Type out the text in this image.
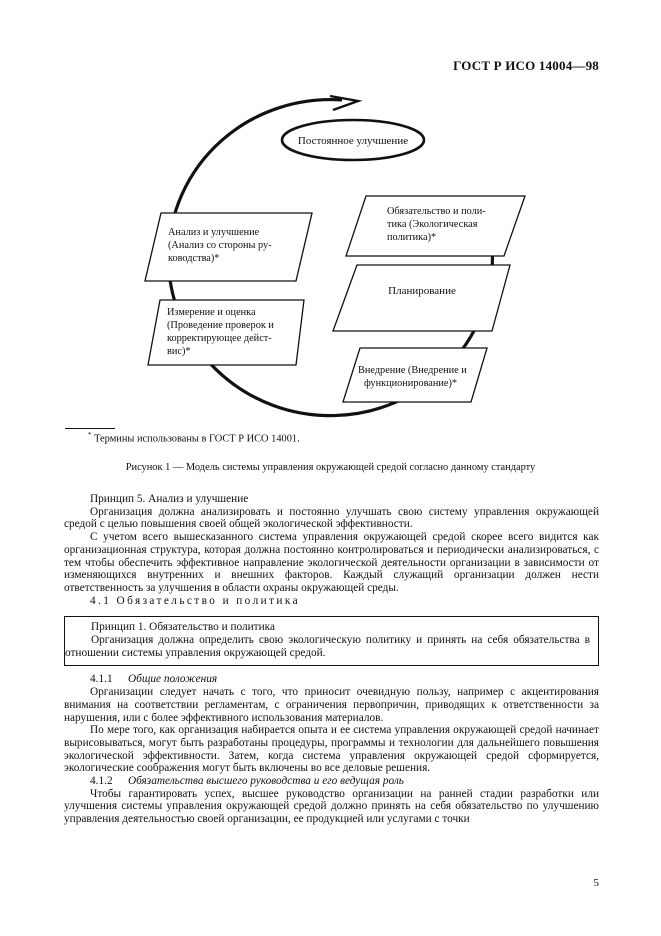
ГОСТ Р ИСО 14004—98
Постоянное улучшение
Анализ и улучшение
(Анализ со стороны ру-
ководства)*
Измерение и оценка
(Проведение проверок и
корректирующее дейст-
вис)*
Обязательство и поли-
тика (Экологическая
политика)*
Планирование
Внедрение (Внедрение и
функционирование)*
* Термины использованы в ГОСТ Р ИСО 14001.
Рисунок 1 — Модель системы управления окружающей средой согласно данному стандарту

Принцип 5. Анализ и улучшение

Организация должна анализировать и постоянно улучшать свою систему управления окружающей средой с целью повышения своей общей экологической эффективности.

С учетом всего вышесказанного система управления окружающей средой скорее всего видится как организационная структура, которая должна постоянно контролироваться и периодически анализироваться, с тем чтобы обеспечить эффективное направление экологической деятельности организации в зависимости от изменяющихся внутренних и внешних факторов. Каждый служащий организации должен нести ответственность за улучшения в области охраны окружающей среды.

4.1 Обязательство и политика

Принцип 1. Обязательство и политика

Организация должна определить свою экологическую политику и принять на себя обязательства в отношении системы управления окружающей средой.

4.1.1 Общие положения

Организации следует начать с того, что приносит очевидную пользу, например с акцентирования внимания на соответствии регламентам, с ограничения первопричин, приводящих к ответственности за нарушения, или с более эффективного использования материалов.

По мере того, как организация набирается опыта и ее система управления окружающей средой начинает вырисовываться, могут быть разработаны процедуры, программы и технологии для дальнейшего повышения экологической эффективности. Затем, когда система управления окружающей средой сформируется, экологические соображения могут быть включены во все деловые решения.

4.1.2 Обязательства высшего руководства и его ведущая роль

Чтобы гарантировать успех, высшее руководство организации на ранней стадии разработки или улучшения системы управления окружающей средой должно принять на себя обязательство по улучшению управления деятельностью своей организации, ее продукцией или услугами с точки

5
